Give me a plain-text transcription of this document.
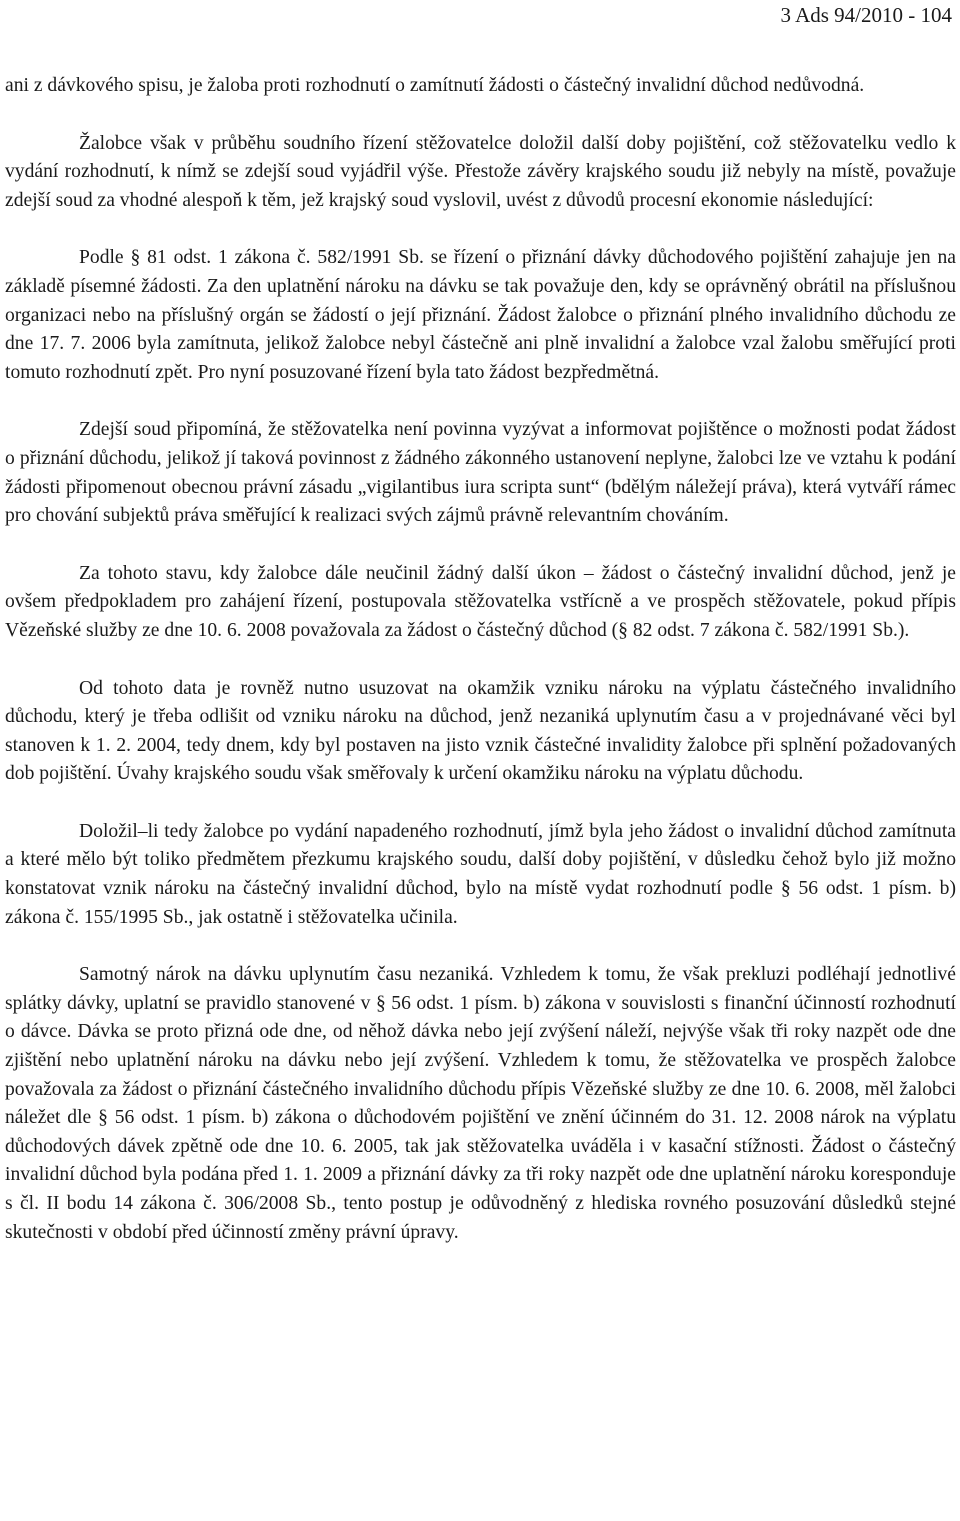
3 Ads 94/2010 - 104

ani z dávkového spisu, je žaloba proti rozhodnutí o zamítnutí žádosti o částečný invalidní důchod nedůvodná.

Žalobce však v průběhu soudního řízení stěžovatelce doložil další doby pojištění, což stěžovatelku vedlo k vydání rozhodnutí, k nímž se zdejší soud vyjádřil výše. Přestože závěry krajského soudu již nebyly na místě, považuje zdejší soud za vhodné alespoň k těm, jež krajský soud vyslovil, uvést z důvodů procesní ekonomie následující:

Podle § 81 odst. 1 zákona č. 582/1991 Sb. se řízení o přiznání dávky důchodového pojištění zahajuje jen na základě písemné žádosti. Za den uplatnění nároku na dávku se tak považuje den, kdy se oprávněný obrátil na příslušnou organizaci nebo na příslušný orgán se žádostí o její přiznání. Žádost žalobce o přiznání plného invalidního důchodu ze dne 17. 7. 2006 byla zamítnuta, jelikož žalobce nebyl částečně ani plně invalidní a žalobce vzal žalobu směřující proti tomuto rozhodnutí zpět. Pro nyní posuzované řízení byla tato žádost bezpředmětná.

Zdejší soud připomíná, že stěžovatelka není povinna vyzývat a informovat pojištěnce o možnosti podat žádost o přiznání důchodu, jelikož jí taková povinnost z žádného zákonného ustanovení neplyne, žalobci lze ve vztahu k podání žádosti připomenout obecnou právní zásadu „vigilantibus iura scripta sunt“ (bdělým náležejí práva), která vytváří rámec pro chování subjektů práva směřující k realizaci svých zájmů právně relevantním chováním.

Za tohoto stavu, kdy žalobce dále neučinil žádný další úkon – žádost o částečný invalidní důchod, jenž je ovšem předpokladem pro zahájení řízení, postupovala stěžovatelka vstřícně a ve prospěch stěžovatele, pokud přípis Vězeňské služby ze dne 10. 6. 2008 považovala za žádost o částečný důchod (§ 82 odst. 7 zákona č. 582/1991 Sb.).

Od tohoto data je rovněž nutno usuzovat na okamžik vzniku nároku na výplatu částečného invalidního důchodu, který je třeba odlišit od vzniku nároku na důchod, jenž nezaniká uplynutím času a v projednávané věci byl stanoven k 1. 2. 2004, tedy dnem, kdy byl postaven na jisto vznik částečné invalidity žalobce při splnění požadovaných dob pojištění. Úvahy krajského soudu však směřovaly k určení okamžiku nároku na výplatu důchodu.

Doložil–li tedy žalobce po vydání napadeného rozhodnutí, jímž byla jeho žádost o invalidní důchod zamítnuta a které mělo být toliko předmětem přezkumu krajského soudu, další doby pojištění, v důsledku čehož bylo již možno konstatovat vznik nároku na částečný invalidní důchod, bylo na místě vydat rozhodnutí podle § 56 odst. 1 písm. b) zákona č. 155/1995 Sb., jak ostatně i stěžovatelka učinila.

Samotný nárok na dávku uplynutím času nezaniká. Vzhledem k tomu, že však prekluzi podléhají jednotlivé splátky dávky, uplatní se pravidlo stanovené v § 56 odst. 1 písm. b) zákona v souvislosti s finanční účinností rozhodnutí o dávce. Dávka se proto přizná ode dne, od něhož dávka nebo její zvýšení náleží, nejvýše však tři roky nazpět ode dne zjištění nebo uplatnění nároku na dávku nebo její zvýšení. Vzhledem k tomu, že stěžovatelka ve prospěch žalobce považovala za žádost o přiznání částečného invalidního důchodu přípis Vězeňské služby ze dne 10. 6. 2008, měl žalobci náležet dle § 56 odst. 1 písm. b) zákona o důchodovém pojištění ve znění účinném do 31. 12. 2008 nárok na výplatu důchodových dávek zpětně ode dne 10. 6. 2005, tak jak stěžovatelka uváděla i v kasační stížnosti. Žádost o částečný invalidní důchod byla podána před 1. 1. 2009 a přiznání dávky za tři roky nazpět ode dne uplatnění nároku koresponduje s čl. II bodu 14 zákona č. 306/2008 Sb., tento postup je odůvodněný z hlediska rovného posuzování důsledků stejné skutečnosti v období před účinností změny právní úpravy.
